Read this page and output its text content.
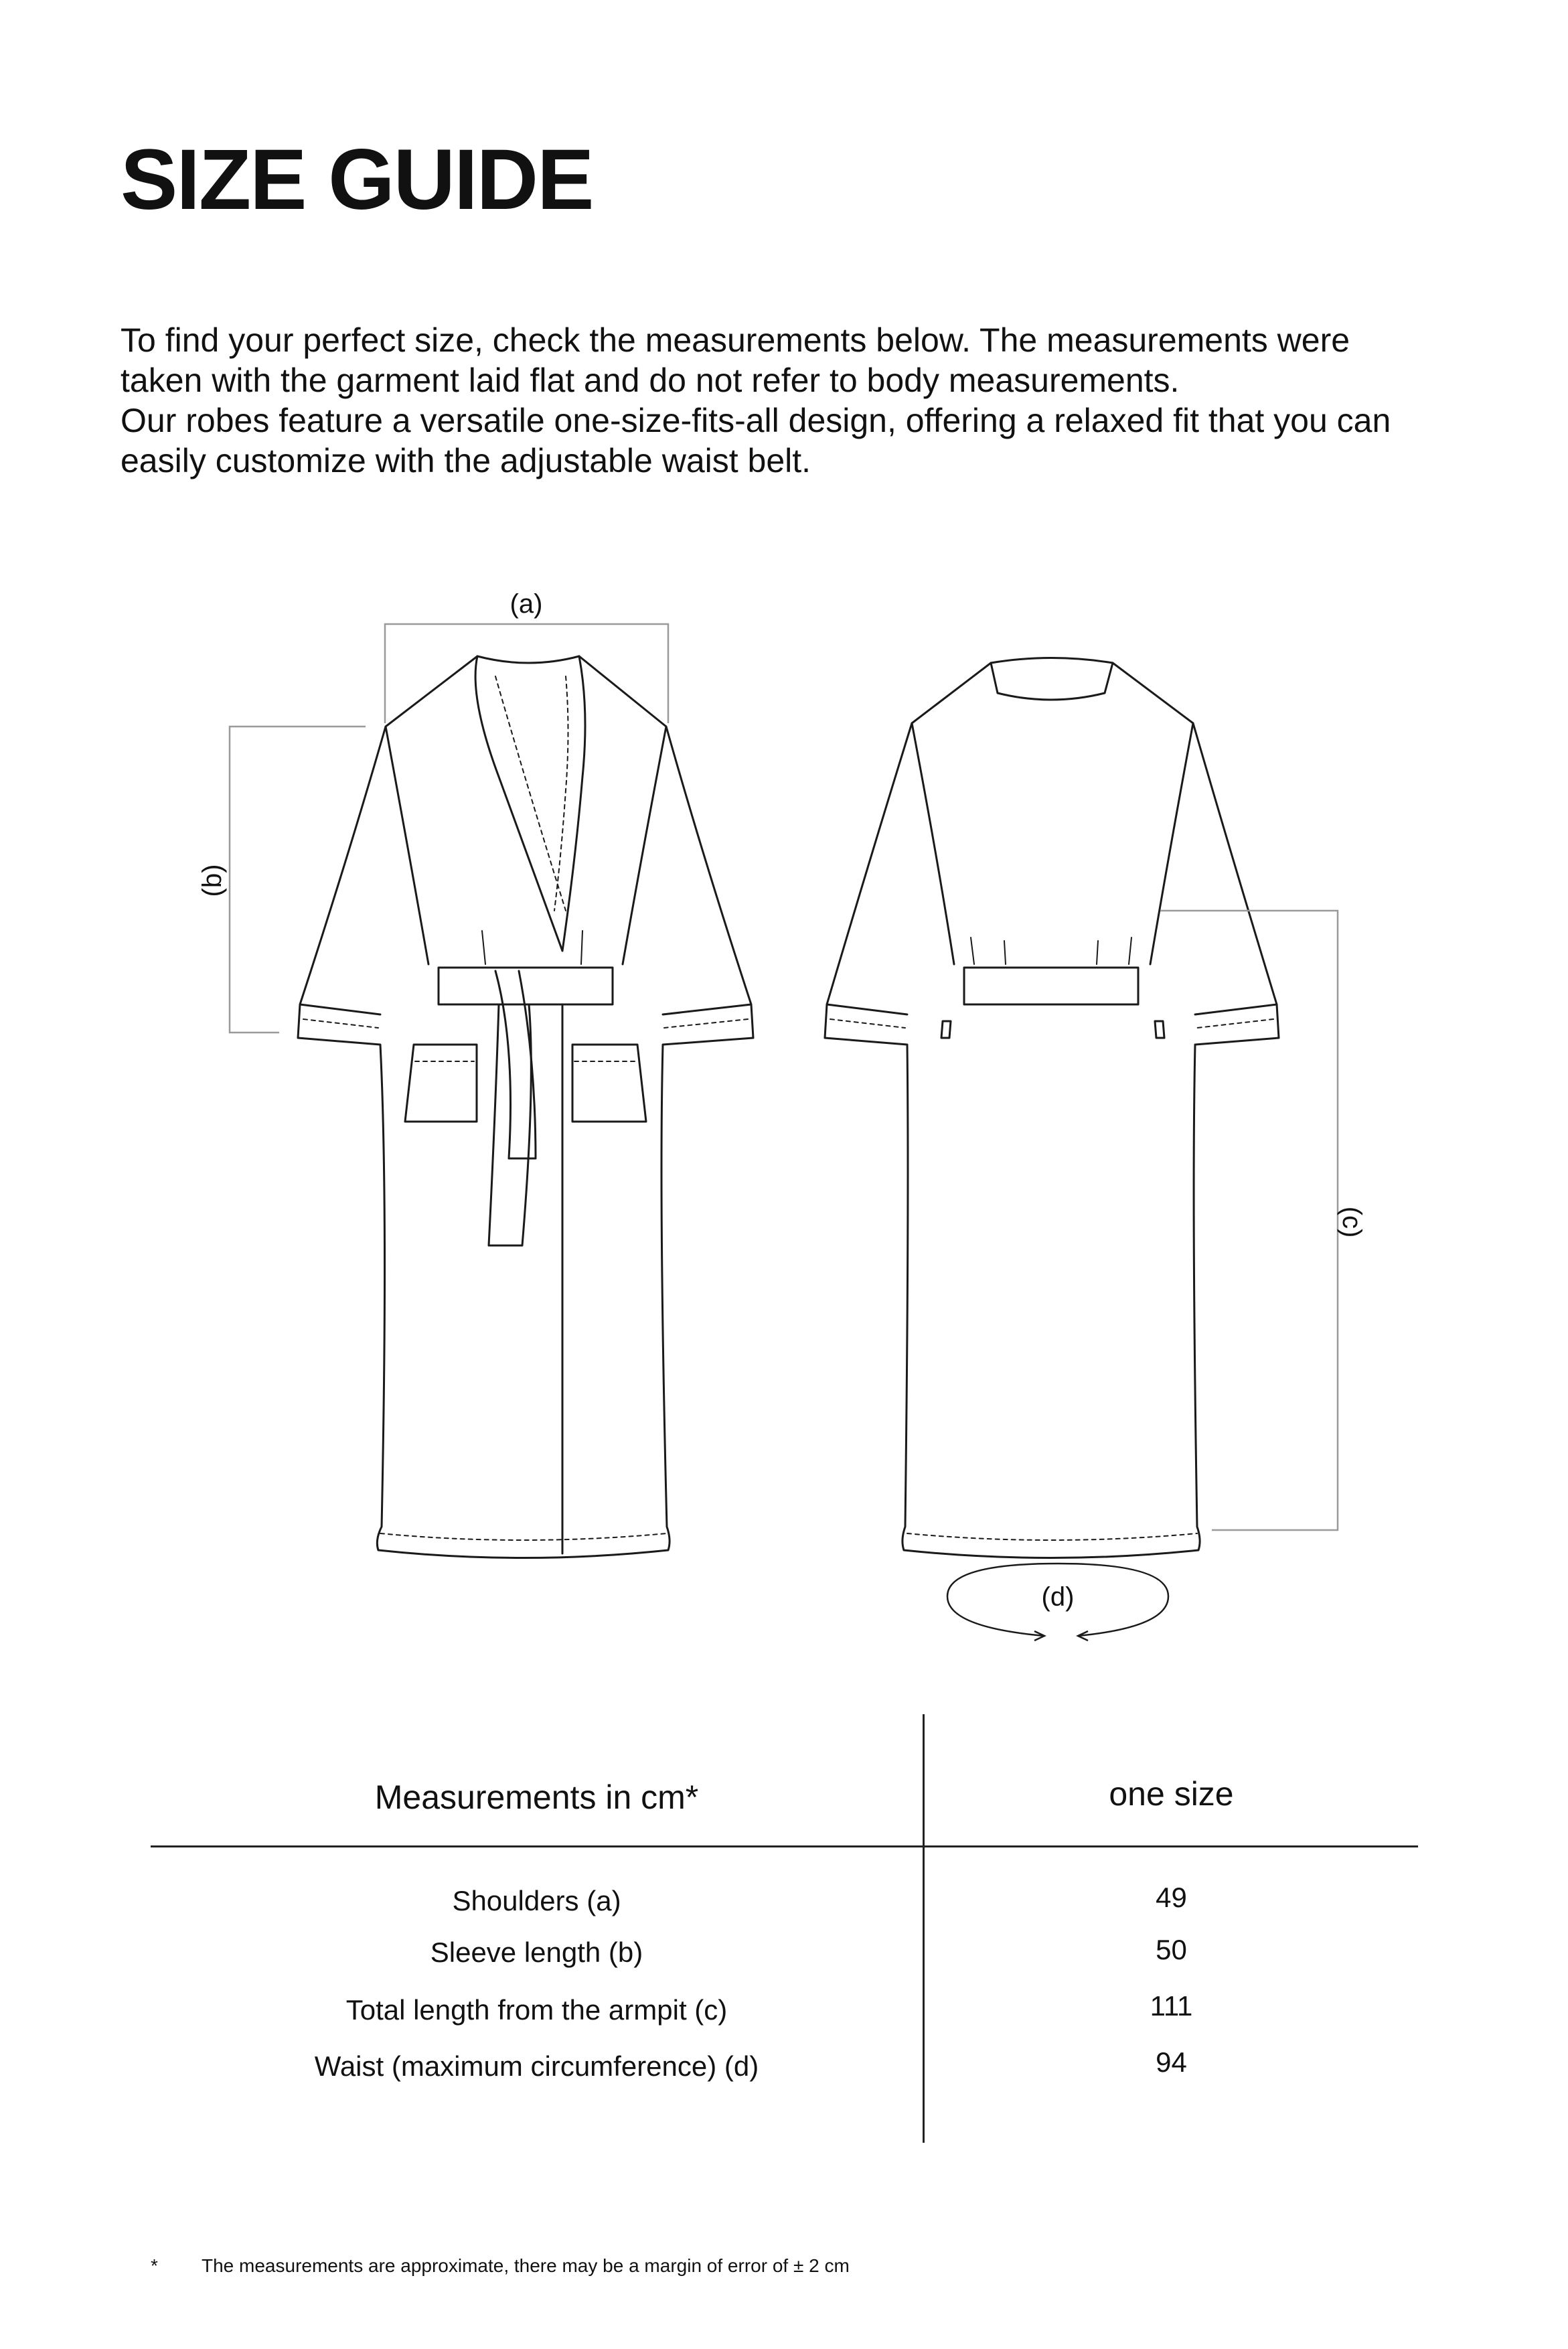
SIZE GUIDE

To find your perfect size, check the measurements below. The measurements were

taken with the garment laid flat and do not refer to body measurements.

Our robes feature a versatile one-size-fits-all design, offering a relaxed fit that you can

easily customize with the adjustable waist belt.

(a)
(b)
(c)
(d)
Measurements in cm*	one size
Shoulders (a)	49
Sleeve length (b)	50
Total length from the armpit (c)	111
Waist (maximum circumference) (d)	94
* The measurements are approximate, there may be a margin of error of ± 2 cm
